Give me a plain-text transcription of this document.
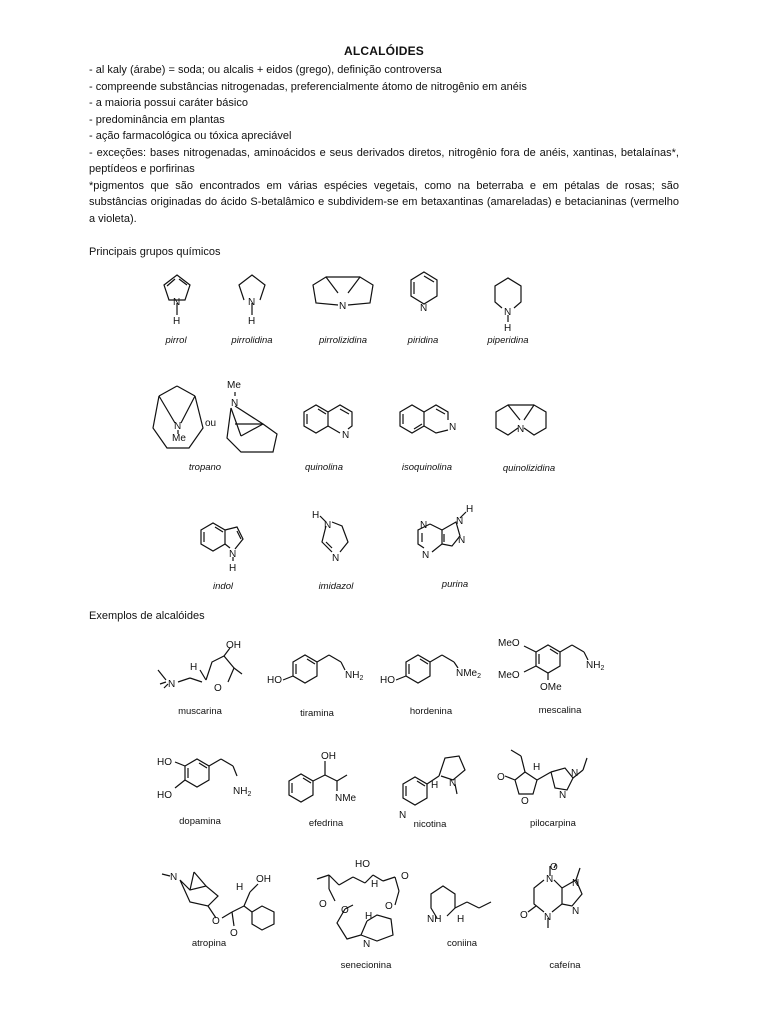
ALCALÓIDES

- al kaly (árabe) = soda; ou alcalis + eidos (grego), definição controversa

- compreende substâncias nitrogenadas, preferencialmente átomo de nitrogênio em anéis

- a maioria possui caráter básico

- predominância em plantas

- ação farmacológica ou tóxica apreciável

- exceções: bases nitrogenadas, aminoácidos e seus derivados diretos, nitrogênio fora de anéis, xantinas, betalaínas*, peptídeos e porfirinas

*pigmentos que são encontrados em várias espécies vegetais, como na beterraba e em pétalas de rosas; são substâncias originadas do ácido S-betalâmico e subdividem-se em betaxantinas (amareladas) e betacianinas (vermelho a violeta).

Principais grupos químicos
Exemplos de alcalóides
N
H
pirrol
N
H
pirrolidina
N
pirrolizidina
N
piridina
N
H
piperidina
N
Me
ou
N
Me
tropano
N
quinolina
N
isoquinolina
N
quinolizidina
N
H
indol
H
N
N
imidazol
N
N
N
H
N
purina
N
H
O
OH
muscarina
HO	$NH_2$
tiramina
HO
NMe$_2$
hordenina
MeO
MeO
OMe
$NH_2$
mescalina
HO
HO	$NH_2$
dopamina
OH
NMe
efedrina
N
H N
nicotina
O
O
H
N
N
pilocarpina
N
O
O
H
OH
atropina
HO
O
O
O
O
H
H
N
senecionina
NH H
coniina
N
N
N
N
O
O
cafeína
